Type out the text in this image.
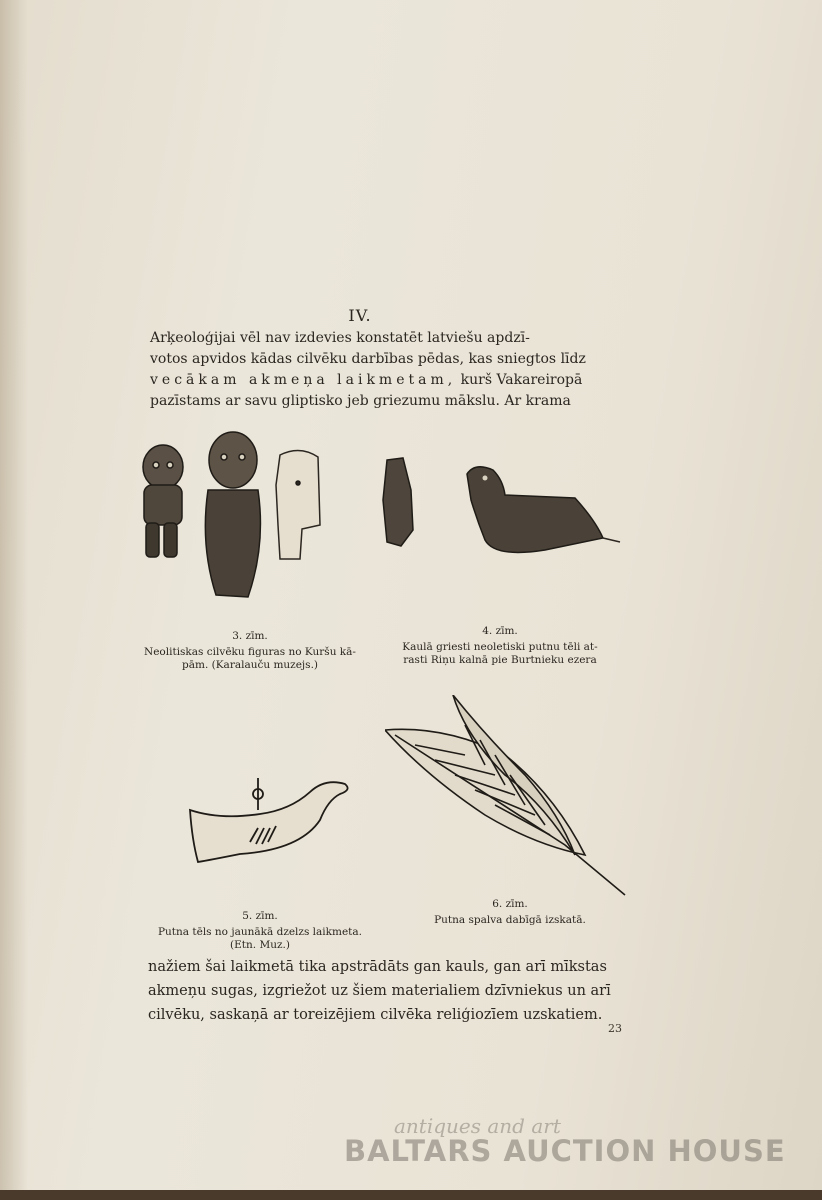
IV.
Arķeoloģijai vēl nav izdevies konstatēt latviešu apdzī-
votos apvidos kādas cilvēku darbības pēdas, kas sniegtos līdz
vecākam akmeņa laikmetam, kurš Vakareiropā
pazīstams ar savu gliptisko jeb griezumu mākslu. Ar krama
3. zīm.
Neolitiskas cilvēku figuras no Kuršu kā-
pām. (Karalauču muzejs.)
4. zīm.
Kaulā griesti neoletiski putnu tēli at-
rasti Riņu kalnā pie Burtnieku ezera
5. zīm.
Putna tēls no jaunākā dzelzs laikmeta.
(Etn. Muz.)
6. zīm.
Putna spalva dabīgā izskatā.
nažiem šai laikmetā tika apstrādāts gan kauls, gan arī mīkstas
akmeņu sugas, izgriežot uz šiem materialiem dzīvniekus un arī
cilvēku, saskaņā ar toreizējiem cilvēka reliģiozīem uzskatiem.
23
antiques and art
BALTARS AUCTION HOUSE
